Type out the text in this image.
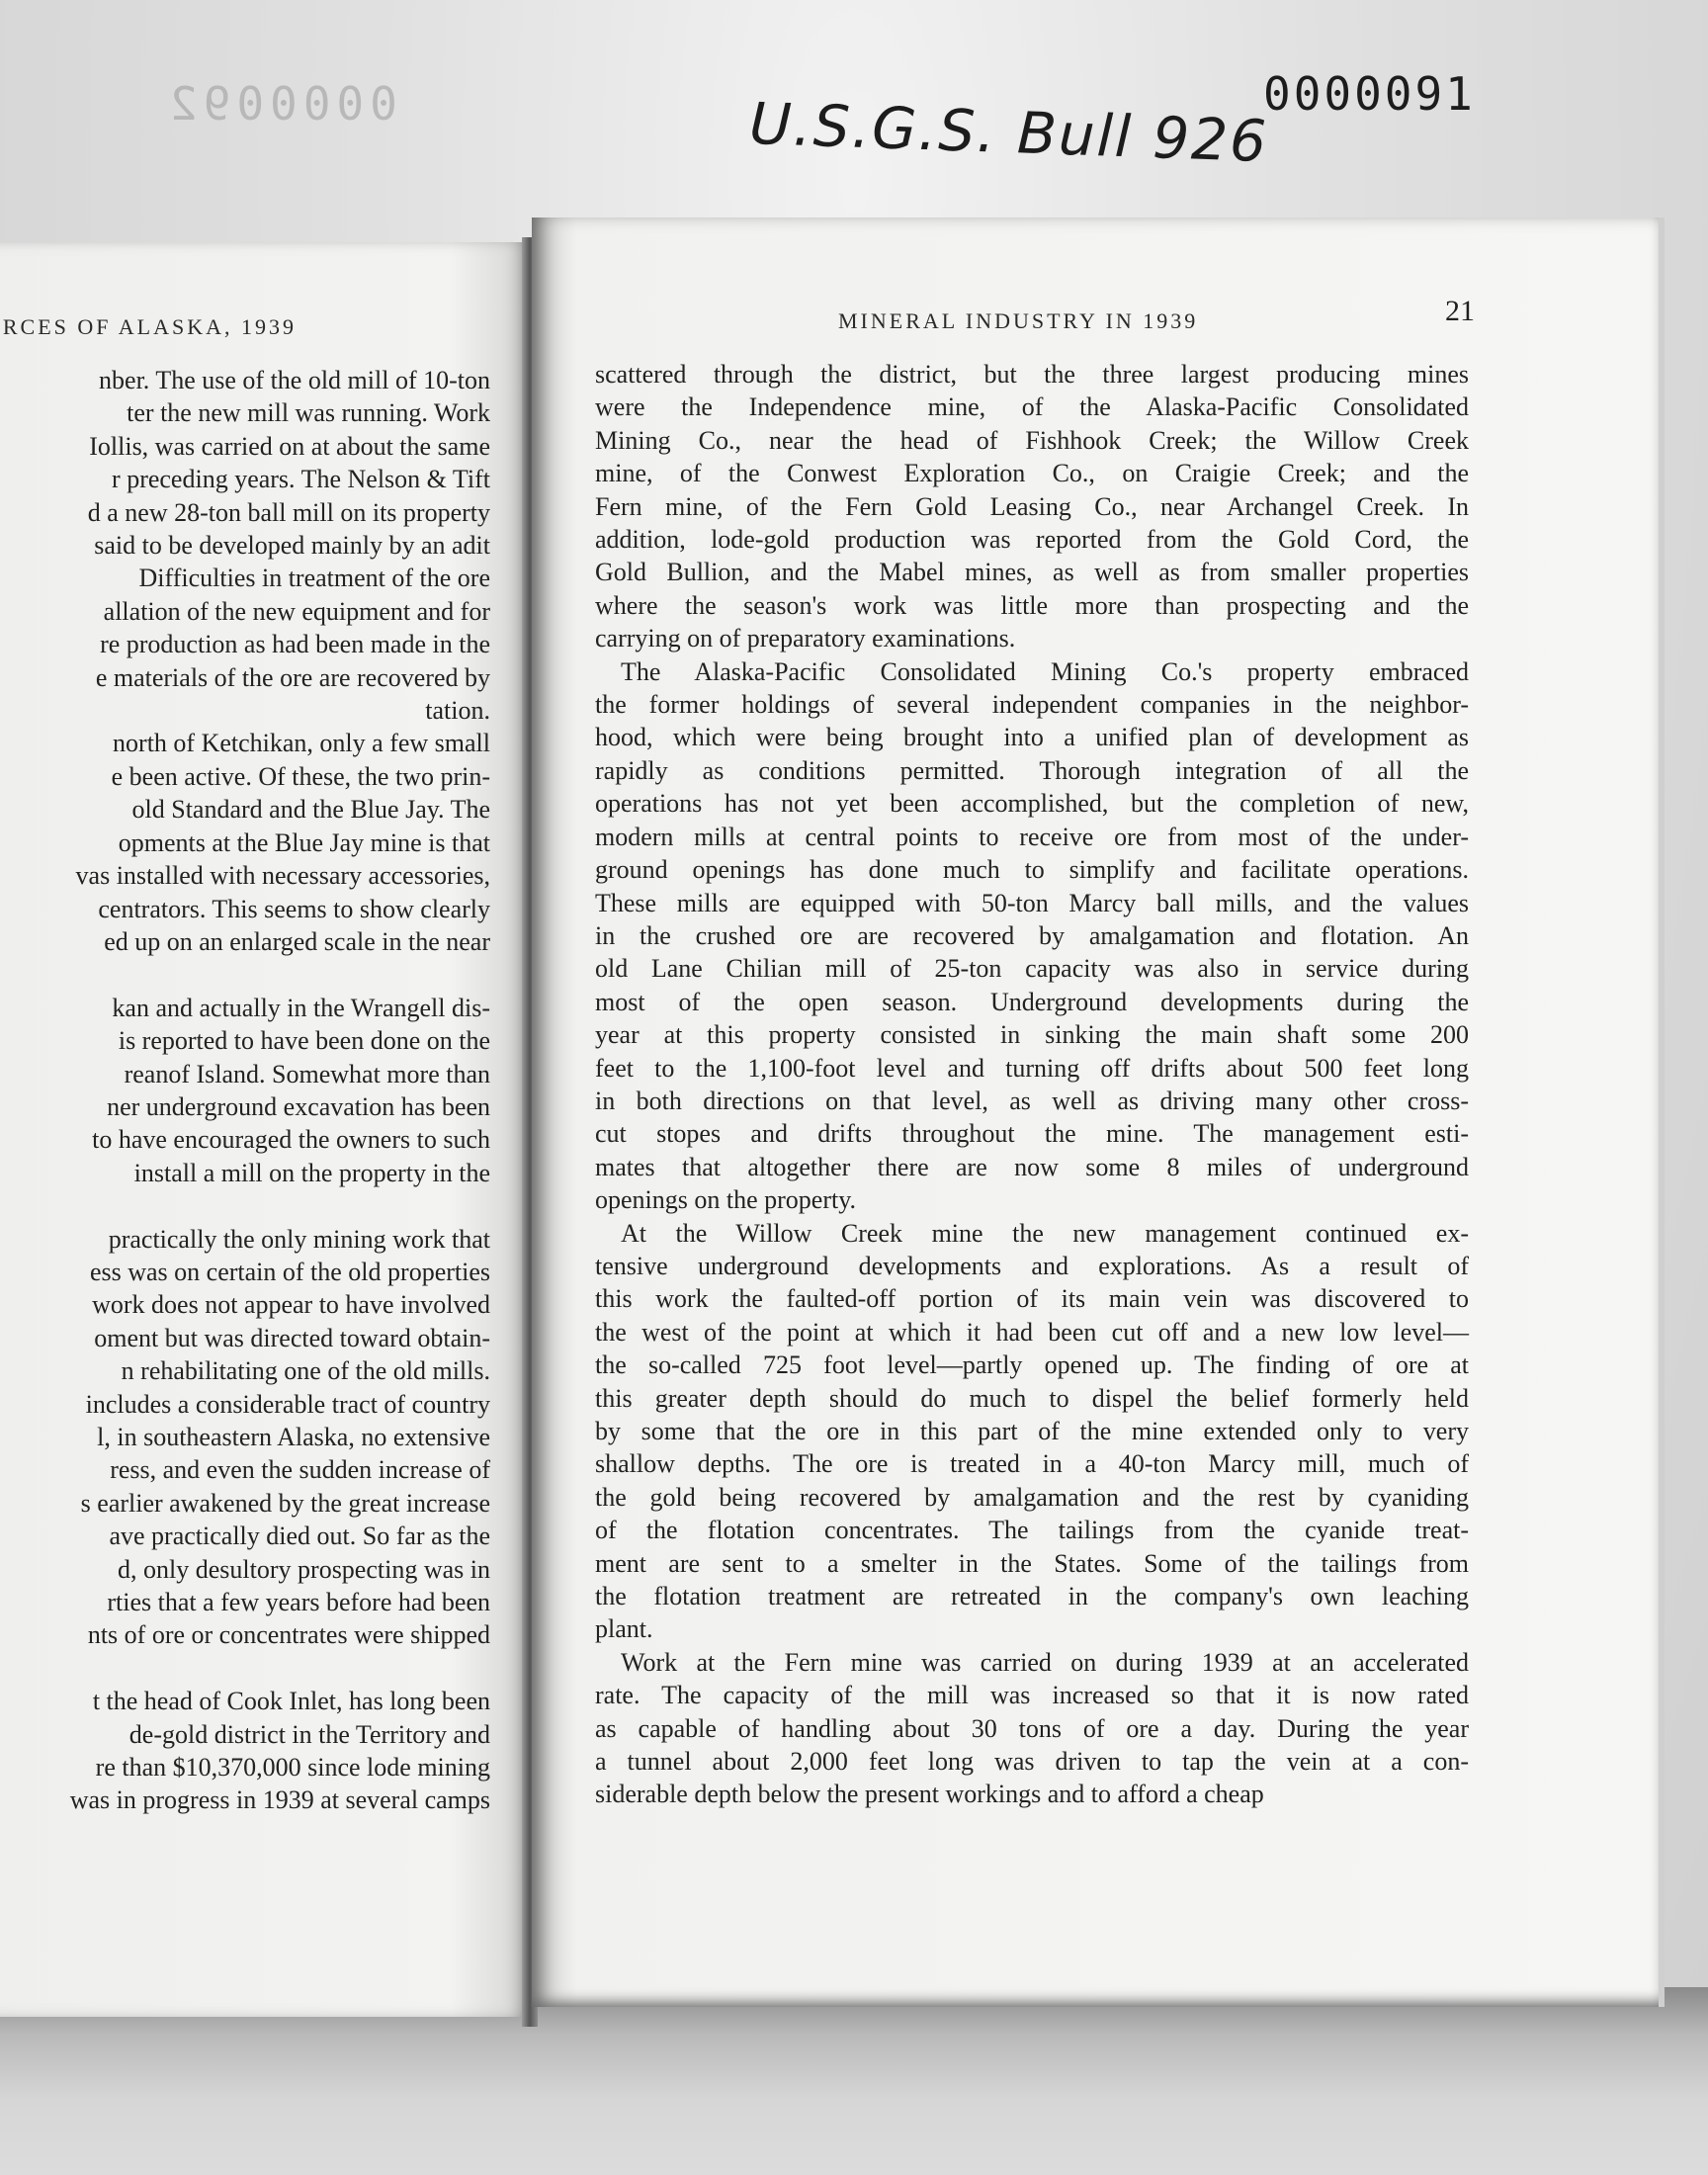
0000092	U.S.G.S. Bull 926
0000091
RCES OF ALASKA, 1939
nber. The use of the old mill of 10-ton
ter the new mill was running. Work
Iollis, was carried on at about the same
r preceding years. The Nelson & Tift
d a new 28-ton ball mill on its property
said to be developed mainly by an adit
Difficulties in treatment of the ore
allation of the new equipment and for
re production as had been made in the
e materials of the ore are recovered by
tation.
north of Ketchikan, only a few small
e been active. Of these, the two prin-
old Standard and the Blue Jay. The
opments at the Blue Jay mine is that
vas installed with necessary accessories,
centrators. This seems to show clearly
ed up on an enlarged scale in the near
kan and actually in the Wrangell dis-
is reported to have been done on the
reanof Island. Somewhat more than
ner underground excavation has been
to have encouraged the owners to such
install a mill on the property in the
practically the only mining work that
ess was on certain of the old properties
work does not appear to have involved
oment but was directed toward obtain-
n rehabilitating one of the old mills.
includes a considerable tract of country
l, in southeastern Alaska, no extensive
ress, and even the sudden increase of
s earlier awakened by the great increase
ave practically died out. So far as the
d, only desultory prospecting was in
rties that a few years before had been
nts of ore or concentrates were shipped
t the head of Cook Inlet, has long been
de-gold district in the Territory and
re than $10,370,000 since lode mining
was in progress in 1939 at several camps
MINERAL INDUSTRY IN 1939	21
scattered through the district, but the three largest producing mines
were the Independence mine, of the Alaska-Pacific Consolidated
Mining Co., near the head of Fishhook Creek; the Willow Creek
mine, of the Conwest Exploration Co., on Craigie Creek; and the
Fern mine, of the Fern Gold Leasing Co., near Archangel Creek. In
addition, lode-gold production was reported from the Gold Cord, the
Gold Bullion, and the Mabel mines, as well as from smaller properties
where the season's work was little more than prospecting and the
carrying on of preparatory examinations.
The Alaska-Pacific Consolidated Mining Co.'s property embraced
the former holdings of several independent companies in the neighbor-
hood, which were being brought into a unified plan of development as
rapidly as conditions permitted. Thorough integration of all the
operations has not yet been accomplished, but the completion of new,
modern mills at central points to receive ore from most of the under-
ground openings has done much to simplify and facilitate operations.
These mills are equipped with 50-ton Marcy ball mills, and the values
in the crushed ore are recovered by amalgamation and flotation. An
old Lane Chilian mill of 25-ton capacity was also in service during
most of the open season. Underground developments during the
year at this property consisted in sinking the main shaft some 200
feet to the 1,100-foot level and turning off drifts about 500 feet long
in both directions on that level, as well as driving many other cross-
cut stopes and drifts throughout the mine. The management esti-
mates that altogether there are now some 8 miles of underground
openings on the property.
At the Willow Creek mine the new management continued ex-
tensive underground developments and explorations. As a result of
this work the faulted-off portion of its main vein was discovered to
the west of the point at which it had been cut off and a new low level—
the so-called 725 foot level—partly opened up. The finding of ore at
this greater depth should do much to dispel the belief formerly held
by some that the ore in this part of the mine extended only to very
shallow depths. The ore is treated in a 40-ton Marcy mill, much of
the gold being recovered by amalgamation and the rest by cyaniding
of the flotation concentrates. The tailings from the cyanide treat-
ment are sent to a smelter in the States. Some of the tailings from
the flotation treatment are retreated in the company's own leaching
plant.
Work at the Fern mine was carried on during 1939 at an accelerated
rate. The capacity of the mill was increased so that it is now rated
as capable of handling about 30 tons of ore a day. During the year
a tunnel about 2,000 feet long was driven to tap the vein at a con-
siderable depth below the present workings and to afford a cheap
